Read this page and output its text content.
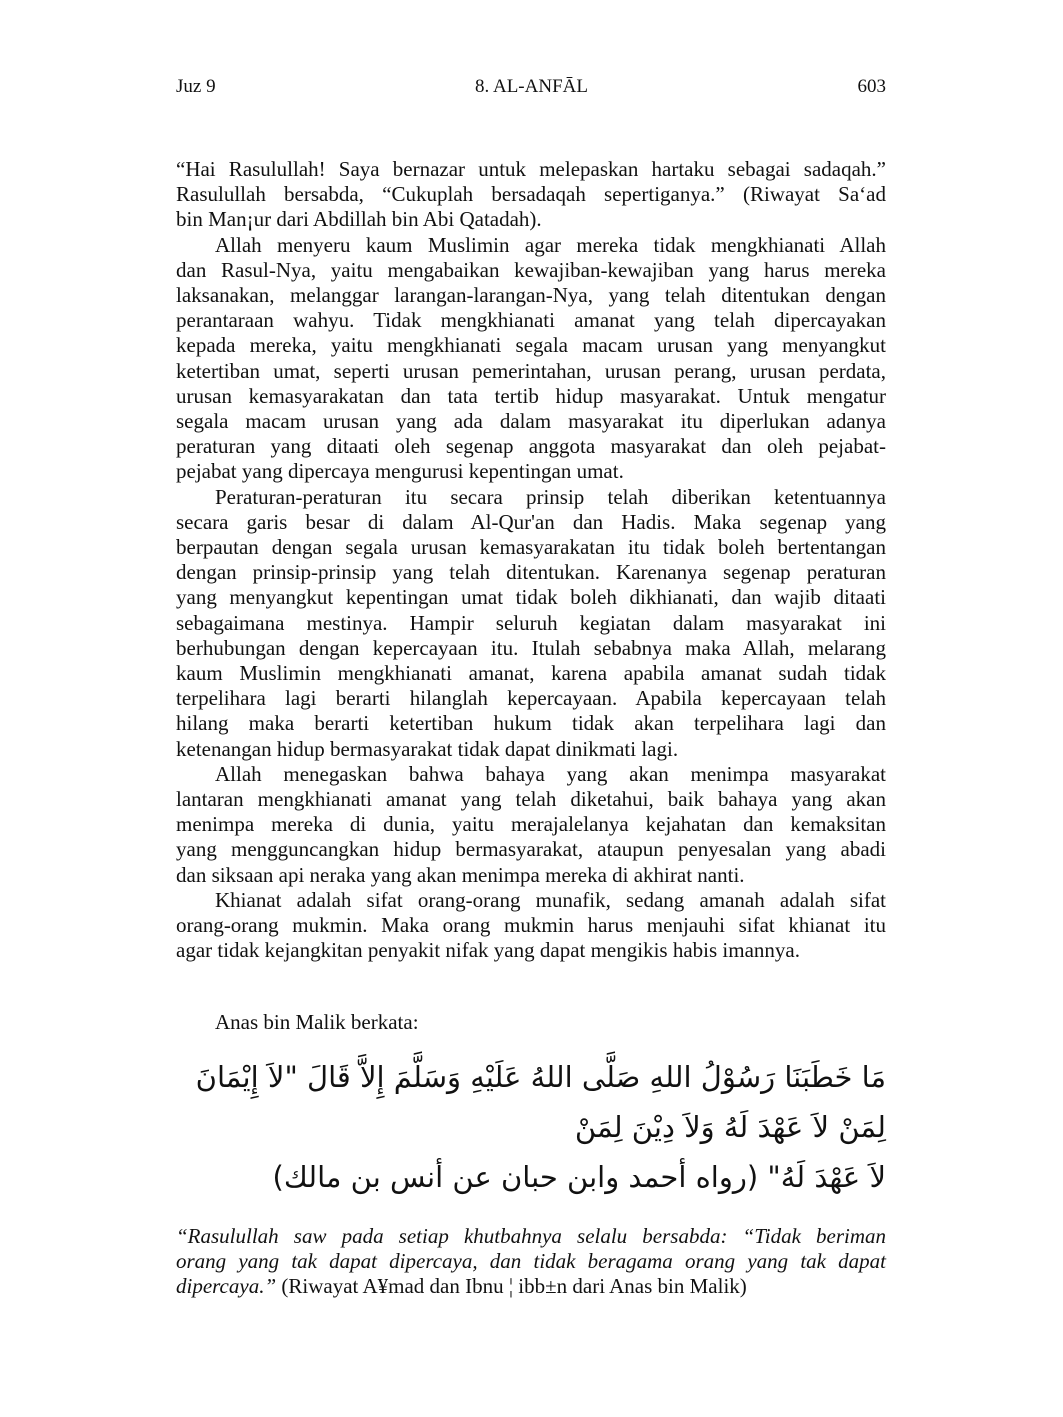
Juz 9	8. AL-ANFĀL	603
“Hai Rasulullah! Saya bernazar untuk melepaskan hartaku sebagai sadaqah.”
Rasulullah bersabda, “Cukuplah bersadaqah sepertiganya.” (Riwayat Sa‘ad
bin Man¡ur dari Abdillah bin Abi Qatadah).
Allah menyeru kaum Muslimin agar mereka tidak mengkhianati Allah
dan Rasul-Nya, yaitu mengabaikan kewajiban-kewajiban yang harus mereka
laksanakan, melanggar larangan-larangan-Nya, yang telah ditentukan dengan
perantaraan wahyu. Tidak mengkhianati amanat yang telah dipercayakan
kepada mereka, yaitu mengkhianati segala macam urusan yang menyangkut
ketertiban umat, seperti urusan pemerintahan, urusan perang, urusan perdata,
urusan kemasyarakatan dan tata tertib hidup masyarakat. Untuk mengatur
segala macam urusan yang ada dalam masyarakat itu diperlukan adanya
peraturan yang ditaati oleh segenap anggota masyarakat dan oleh pejabat-
pejabat yang dipercaya mengurusi kepentingan umat.
Peraturan-peraturan itu secara prinsip telah diberikan ketentuannya
secara garis besar di dalam Al-Qur'an dan Hadis. Maka segenap yang
berpautan dengan segala urusan kemasyarakatan itu tidak boleh bertentangan
dengan prinsip-prinsip yang telah ditentukan. Karenanya segenap peraturan
yang menyangkut kepentingan umat tidak boleh dikhianati, dan wajib ditaati
sebagaimana mestinya. Hampir seluruh kegiatan dalam masyarakat ini
berhubungan dengan kepercayaan itu. Itulah sebabnya maka Allah, melarang
kaum Muslimin mengkhianati amanat, karena apabila amanat sudah tidak
terpelihara lagi berarti hilanglah kepercayaan. Apabila kepercayaan telah
hilang maka berarti ketertiban hukum tidak akan terpelihara lagi dan
ketenangan hidup bermasyarakat tidak dapat dinikmati lagi.
Allah menegaskan bahwa bahaya yang akan menimpa masyarakat
lantaran mengkhianati amanat yang telah diketahui, baik bahaya yang akan
menimpa mereka di dunia, yaitu merajalelanya kejahatan dan kemaksitan
yang mengguncangkan hidup bermasyarakat, ataupun penyesalan yang abadi
dan siksaan api neraka yang akan menimpa mereka di akhirat nanti.
Khianat adalah sifat orang-orang munafik, sedang amanah adalah sifat
orang-orang mukmin. Maka orang mukmin harus menjauhi sifat khianat itu
agar tidak kejangkitan penyakit nifak yang dapat mengikis habis imannya.
Anas bin Malik berkata:
مَا خَطَبَنَا رَسُوْلُ اللهِ صَلَّى اللهُ عَلَيْهِ وَسَلَّمَ إِلاَّ قَالَ "لاَ إِيْمَانَ لِمَنْ لاَ عَهْدَ لَهُ وَلاَ دِيْنَ لِمَنْ
لاَ عَهْدَ لَهُ" (رواه أحمد وابن حبان عن أنس بن مالك)
“Rasulullah saw pada setiap khutbahnya selalu bersabda: “Tidak beriman
orang yang tak dapat dipercaya, dan tidak beragama orang yang tak dapat
dipercaya.” (Riwayat A¥mad dan Ibnu ¦ ibb±n dari Anas bin Malik)
